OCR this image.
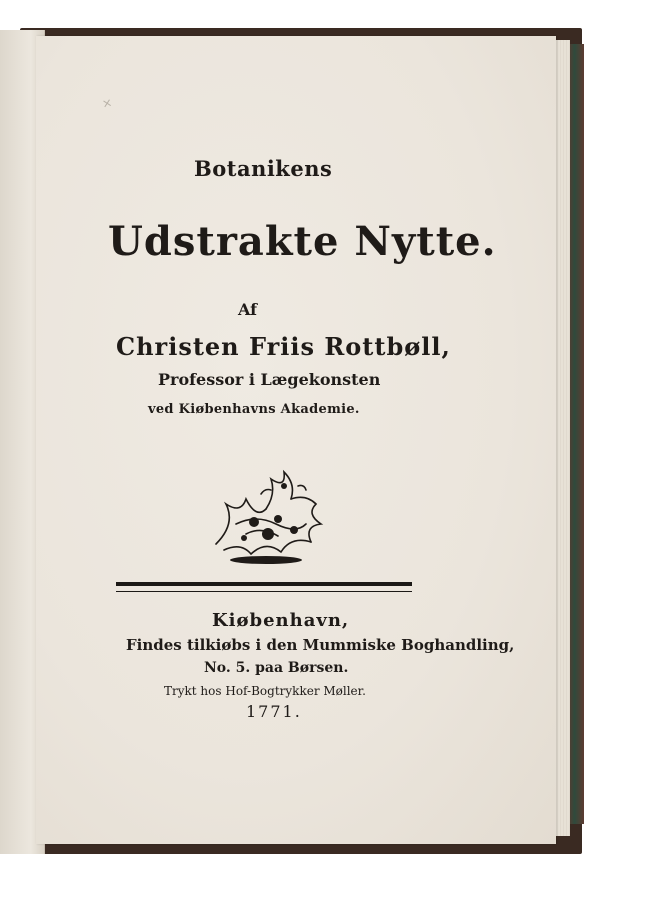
×
Botanikens
Udstrakte Nytte.
Af
Christen Friis Rottbøll,
Professor i Lægekonsten
ved Kiøbenhavns Akademie.
Kiøbenhavn,
Findes tilkiøbs i den Mummiske Boghandling,
No. 5. paa Børsen.
Trykt hos Hof-Bogtrykker Møller.
1771.
